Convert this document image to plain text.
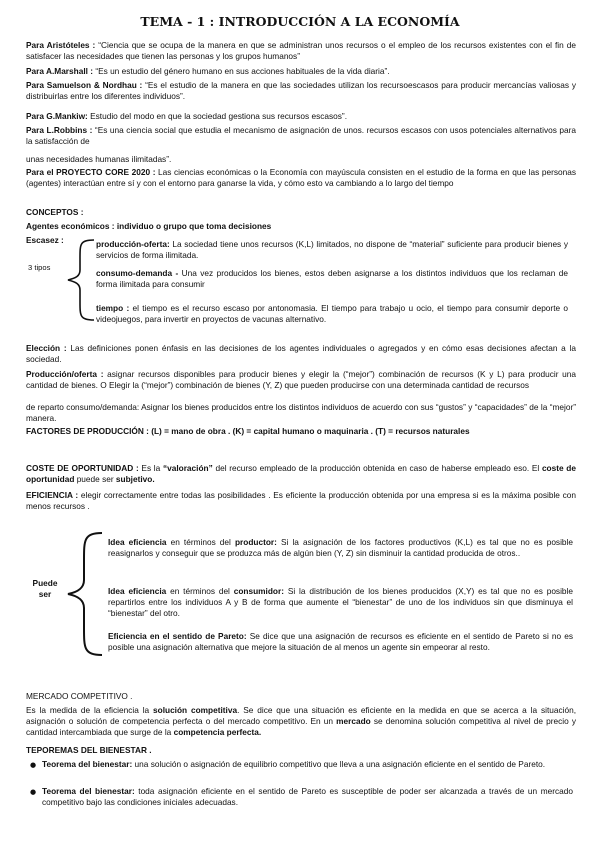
TEMA - 1 : INTRODUCCIÓN A LA ECONOMÍA
Para Aristóteles : “Ciencia que se ocupa de la manera en que se administran unos recursos o el empleo de los recursos existentes con el fin de satisfacer las necesidades que tienen las personas y los grupos humanos”
Para A.Marshall : “Es un estudio del género humano en sus acciones habituales de la vida diaria”.
Para Samuelson & Nordhau : “Es el estudio de la manera en que las sociedades utilizan los recursoescasos para producir mercancías valiosas y distribuirlas entre los diferentes individuos”.
Para G.Mankiw: Estudio del modo en que la sociedad gestiona sus recursos escasos”.
Para L.Robbins : “Es una ciencia social que estudia el mecanismo de asignación de unos. recursos escasos con usos potenciales alternativos para la satisfacción de
unas necesidades humanas ilimitadas”.
Para el PROYECTO CORE 2020 : Las ciencias económicas o la Economía con mayúscula consisten en el estudio de la forma en que las personas (agentes) interactúan entre sí y con el entorno para ganarse la vida, y cómo esto va cambiando a lo largo del tiempo
CONCEPTOS :
Agentes económicos : individuo o grupo que toma decisiones
Escasez :
3 tipos
producción-oferta: La sociedad tiene unos recursos (K,L) limitados, no dispone de “material” suficiente para producir bienes y servicios de forma ilimitada.
consumo-demanda - Una vez producidos los bienes, estos deben asignarse a los distintos individuos que los reclaman de forma ilimitada para consumir
tiempo : el tiempo es el recurso escaso por antonomasia. El tiempo para trabajo u ocio, el tiempo para consumir deporte o videojuegos, para invertir en proyectos de vacunas alternativo.
Elección : Las definiciones ponen énfasis en las decisiones de los agentes individuales o agregados y en cómo esas decisiones afectan a la sociedad.
Producción/oferta : asignar recursos disponibles para producir bienes y elegir la (“mejor”) combinación de recursos (K y L) para producir una cantidad de bienes. O Elegir la (“mejor”) combinación de bienes (Y, Z) que pueden producirse con una determinada cantidad de recursos
de reparto consumo/demanda: Asignar los bienes producidos entre los distintos individuos de acuerdo con sus “gustos” y “capacidades” de la “mejor” manera.
FACTORES DE PRODUCCIÓN : (L) = mano de obra . (K) = capital humano o maquinaria . (T) = recursos naturales
COSTE DE OPORTUNIDAD : Es la “valoración” del recurso empleado de la producción obtenida en caso de haberse empleado eso. El coste de oportunidad puede ser subjetivo.
EFICIENCIA : elegir correctamente entre todas las posibilidades . Es eficiente la producción obtenida por una empresa si es la máxima posible con menos recursos .
Puede ser
Idea eficiencia en términos del productor: Si la asignación de los factores productivos (K,L) es tal que no es posible reasignarlos y conseguir que se produzca más de algún bien (Y, Z) sin disminuir la cantidad producida de otros..
Idea eficiencia en términos del consumidor: Si la distribución de los bienes producidos (X,Y) es tal que no es posible repartirlos entre los individuos A y B de forma que aumente el “bienestar” de uno de los individuos sin que disminuya el “bienestar” del otro.
Eficiencia en el sentido de Pareto: Se dice que una asignación de recursos es eficiente en el sentido de Pareto si no es posible una asignación alternativa que mejore la situación de al menos un agente sin empeorar al resto.
MERCADO COMPETITIVO .
Es la medida de la eficiencia la solución competitiva. Se dice que una situación es eficiente en la medida en que se acerca a la situación, asignación o solución de competencia perfecta o del mercado competitivo. En un mercado se denomina solución competitiva al nivel de precio y cantidad intercambiada que surge de la competencia perfecta.
TEPOREMAS DEL BIENESTAR .
● Teorema del bienestar: una solución o asignación de equilibrio competitivo que lleva a una asignación eficiente en el sentido de Pareto.
● Teorema del bienestar: toda asignación eficiente en el sentido de Pareto es susceptible de poder ser alcanzada a través de un mercado competitivo bajo las condiciones iniciales adecuadas.
